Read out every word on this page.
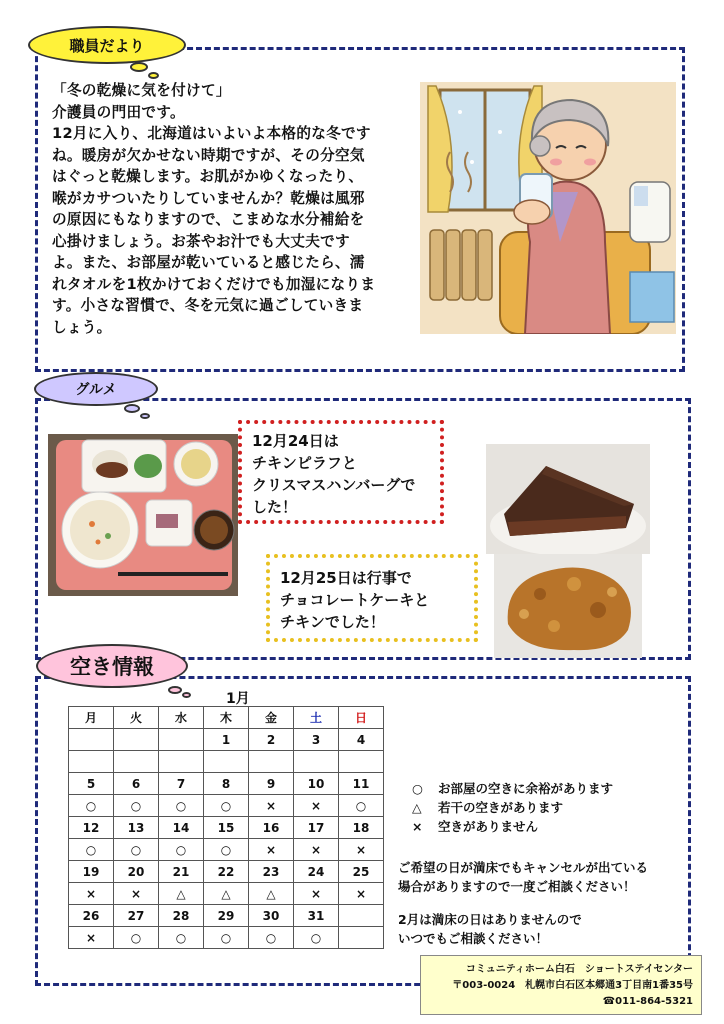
職員だより

「冬の乾燥に気を付けて」

介護員の門田です。

12月に入り、北海道はいよいよ本格的な冬です

ね。暖房が欠かせない時期ですが、その分空気

はぐっと乾燥します。お肌がかゆくなったり、

喉がカサついたりしていませんか？乾燥は風邪

の原因にもなりますので、こまめな水分補給を

心掛けましょう。お茶やお汁でも大丈夫です

よ。また、お部屋が乾いていると感じたら、濡

れタオルを1枚かけておくだけでも加湿になりま

す。小さな習慣で、冬を元気に過ごしていきま

しょう。

グルメ
12月24日は
チキンピラフと
クリスマスハンバーグで
した！
12月25日は行事で
チョコレートケーキと
チキンでした！
空き情報
1月
月	火	水	木	金	土	日
			1	2	3	4

5	6	7	8	9	10	11
○	○	○	○	×	×	○
12	13	14	15	16	17	18
○	○	○	○	×	×	×
19	20	21	22	23	24	25
×	×	△	△	△	×	×
26	27	28	29	30	31	
×	○	○	○	○	○	
○	お部屋の空きに余裕があります
△	若干の空きがあります
×	空きがありません
ご希望の日が満床でもキャンセルが出ている
場合がありますので一度ご相談ください！
2月は満床の日はありませんので
いつでもご相談ください！
コミュニティホーム白石　ショートステイセンター
〒003-0024　札幌市白石区本郷通3丁目南1番35号
☎011-864-5321
